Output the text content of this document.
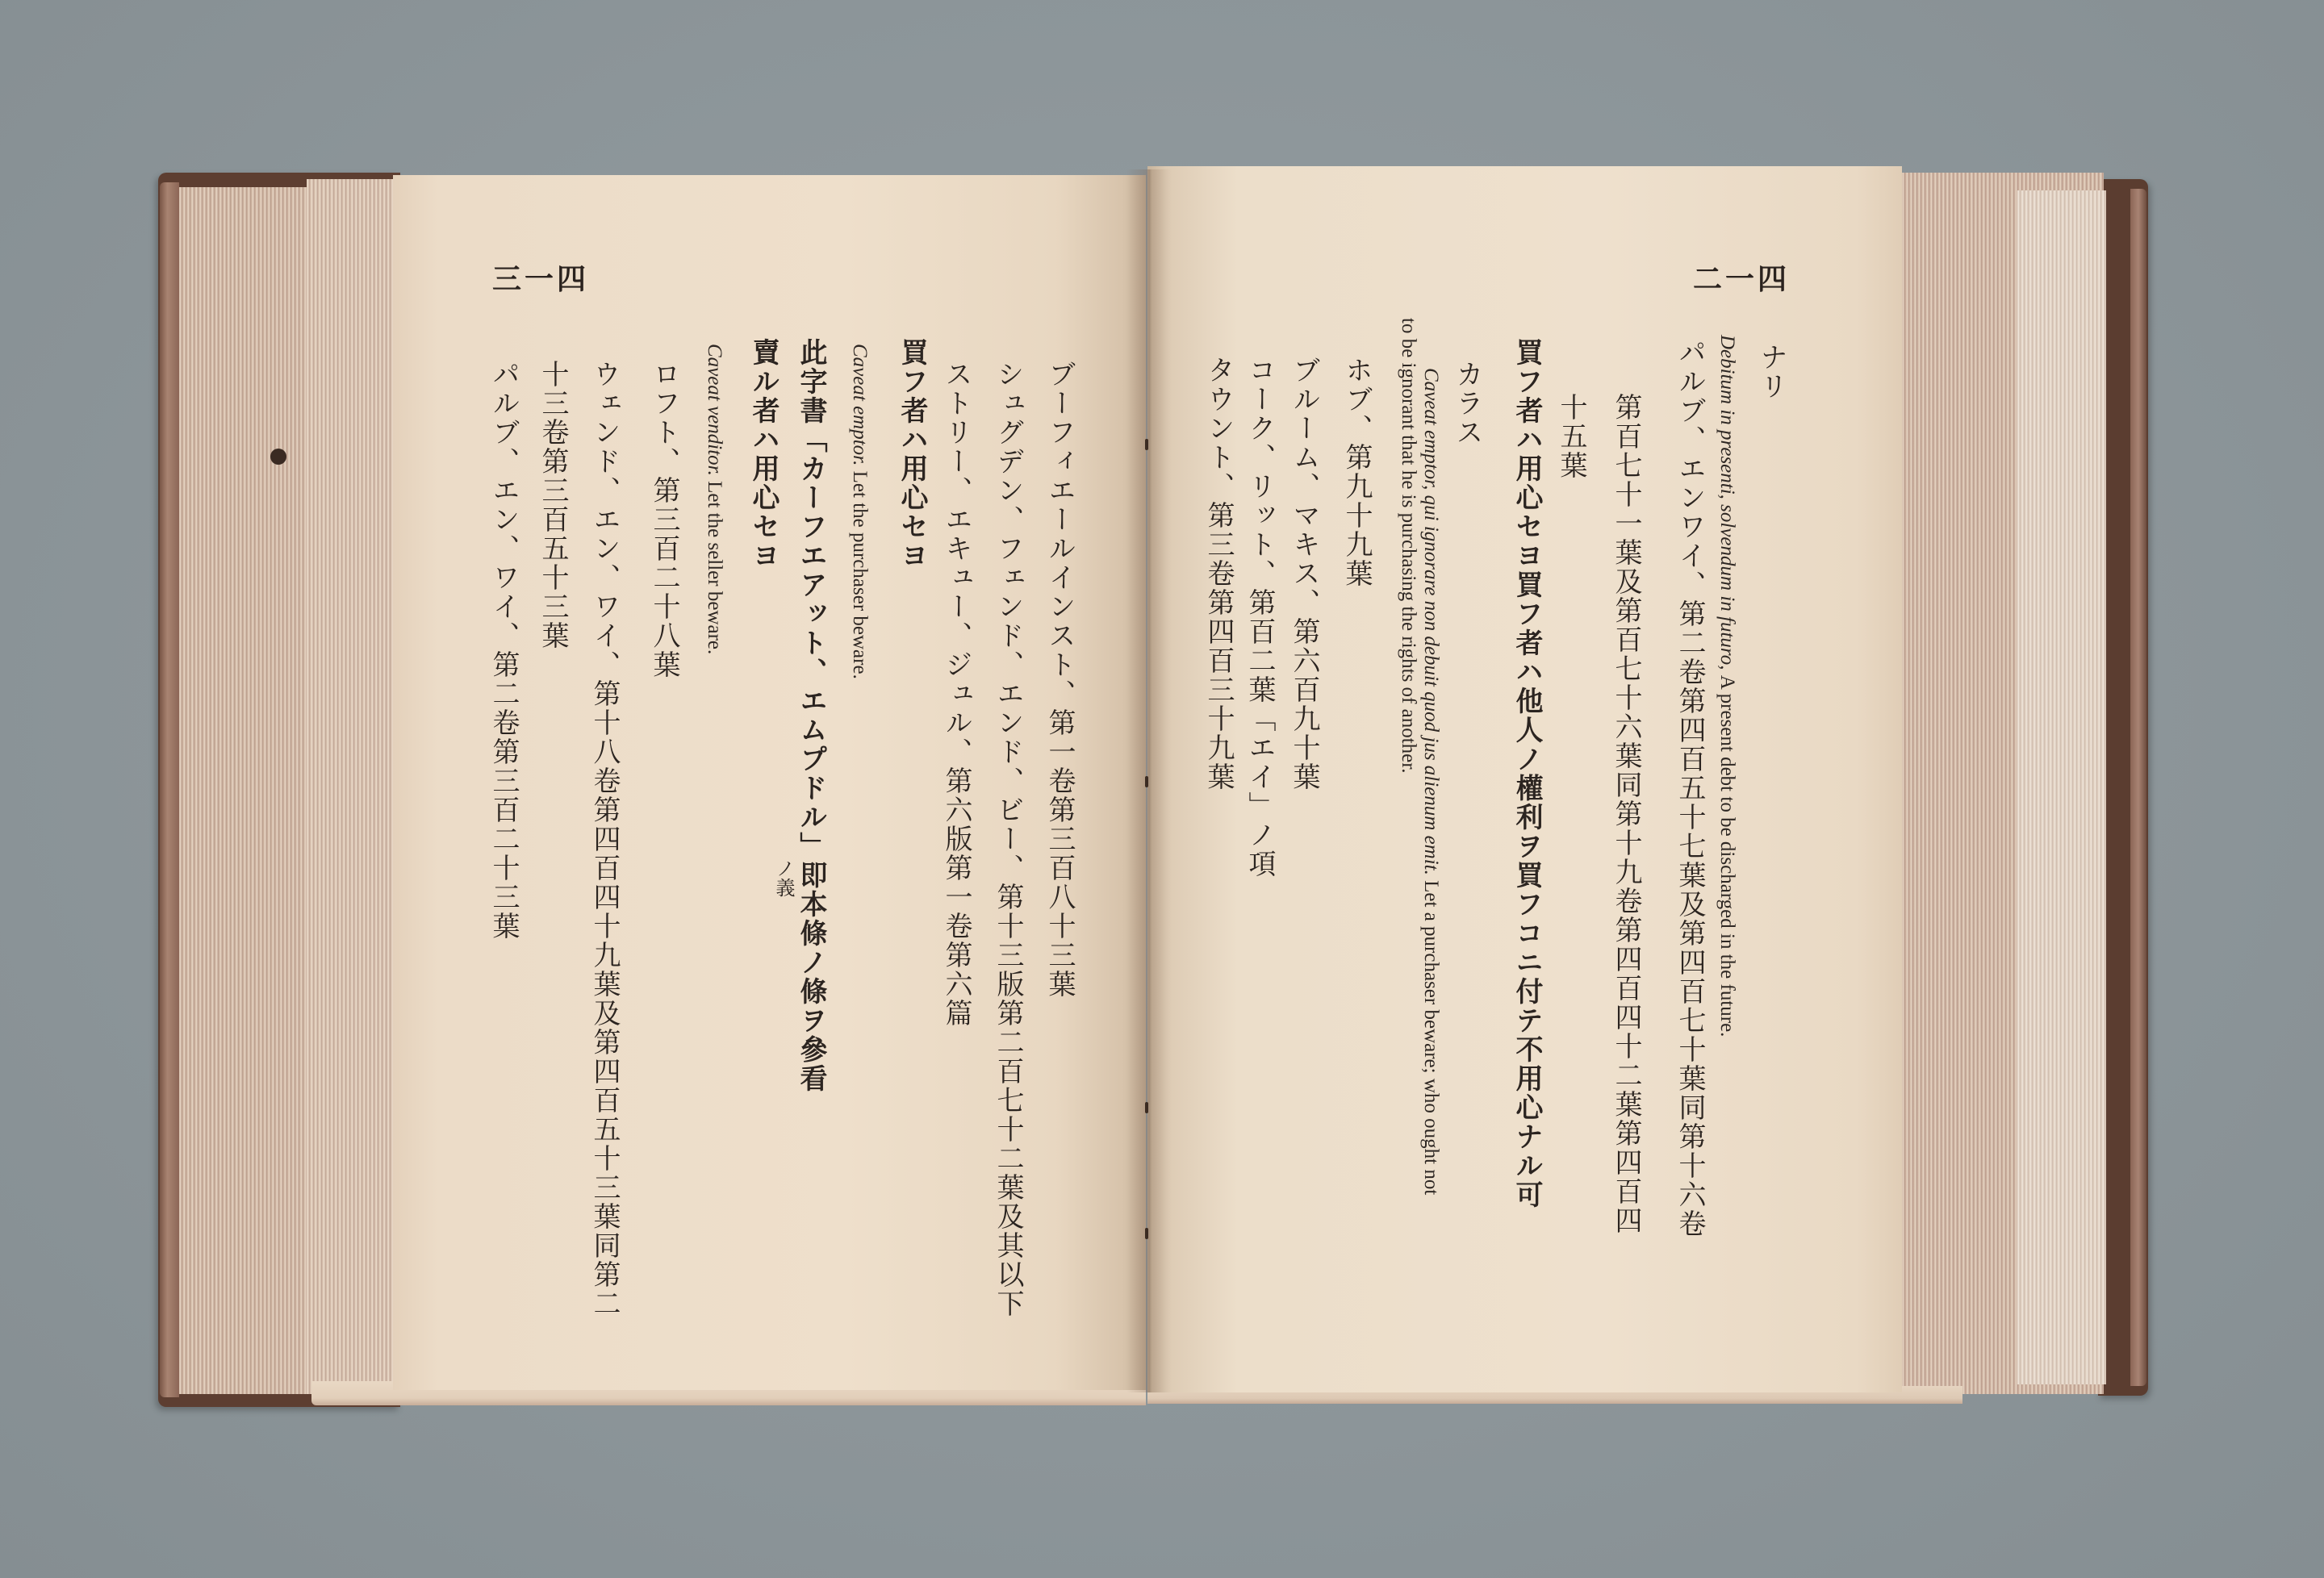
二一四
ナリ
Debitum in presenti, solvendum in futuro, A present debt to be discharged in the future.
パルブ、エンワイ、第二卷第四百五十七葉及第四百七十葉同第十六卷
第百七十一葉及第百七十六葉同第十九卷第四百四十二葉第四百四
十五葉
買フ者ハ用心セヨ買フ者ハ他人ノ權利ヲ買フコニ付テ不用心ナル可
カラス
Caveat emptor, qui ignorare non debuit quod jus alienum emit. Let a purchaser beware; who ought not
to be ignorant that he is purchasing the rights of another.
ホブ、第九十九葉
ブルーム、マキス、第六百九十葉
コーク、リット、第百二葉「エイ」ノ項
タウント、第三卷第四百三十九葉
三一四
ブーフィエールインスト、第一卷第三百八十三葉
シュグデン、フェンド、エンド、ビー、第十三版第二百七十二葉及其以下
ストリー、エキュー、ジュル、第六版第一卷第六篇
買フ者ハ用心セヨ
Caveat emptor. Let the purchaser beware.
此字書「カーフエアット、エムプドル」即本條ノ條ヲ參看
ノ義
賣ル者ハ用心セヨ
Caveat venditor. Let the seller beware.
ロフト、第三百二十八葉
ウェンド、エン、ワイ、第十八卷第四百四十九葉及第四百五十三葉同第二
十三卷第三百五十三葉
パルブ、エン、ワイ、第二卷第三百二十三葉
